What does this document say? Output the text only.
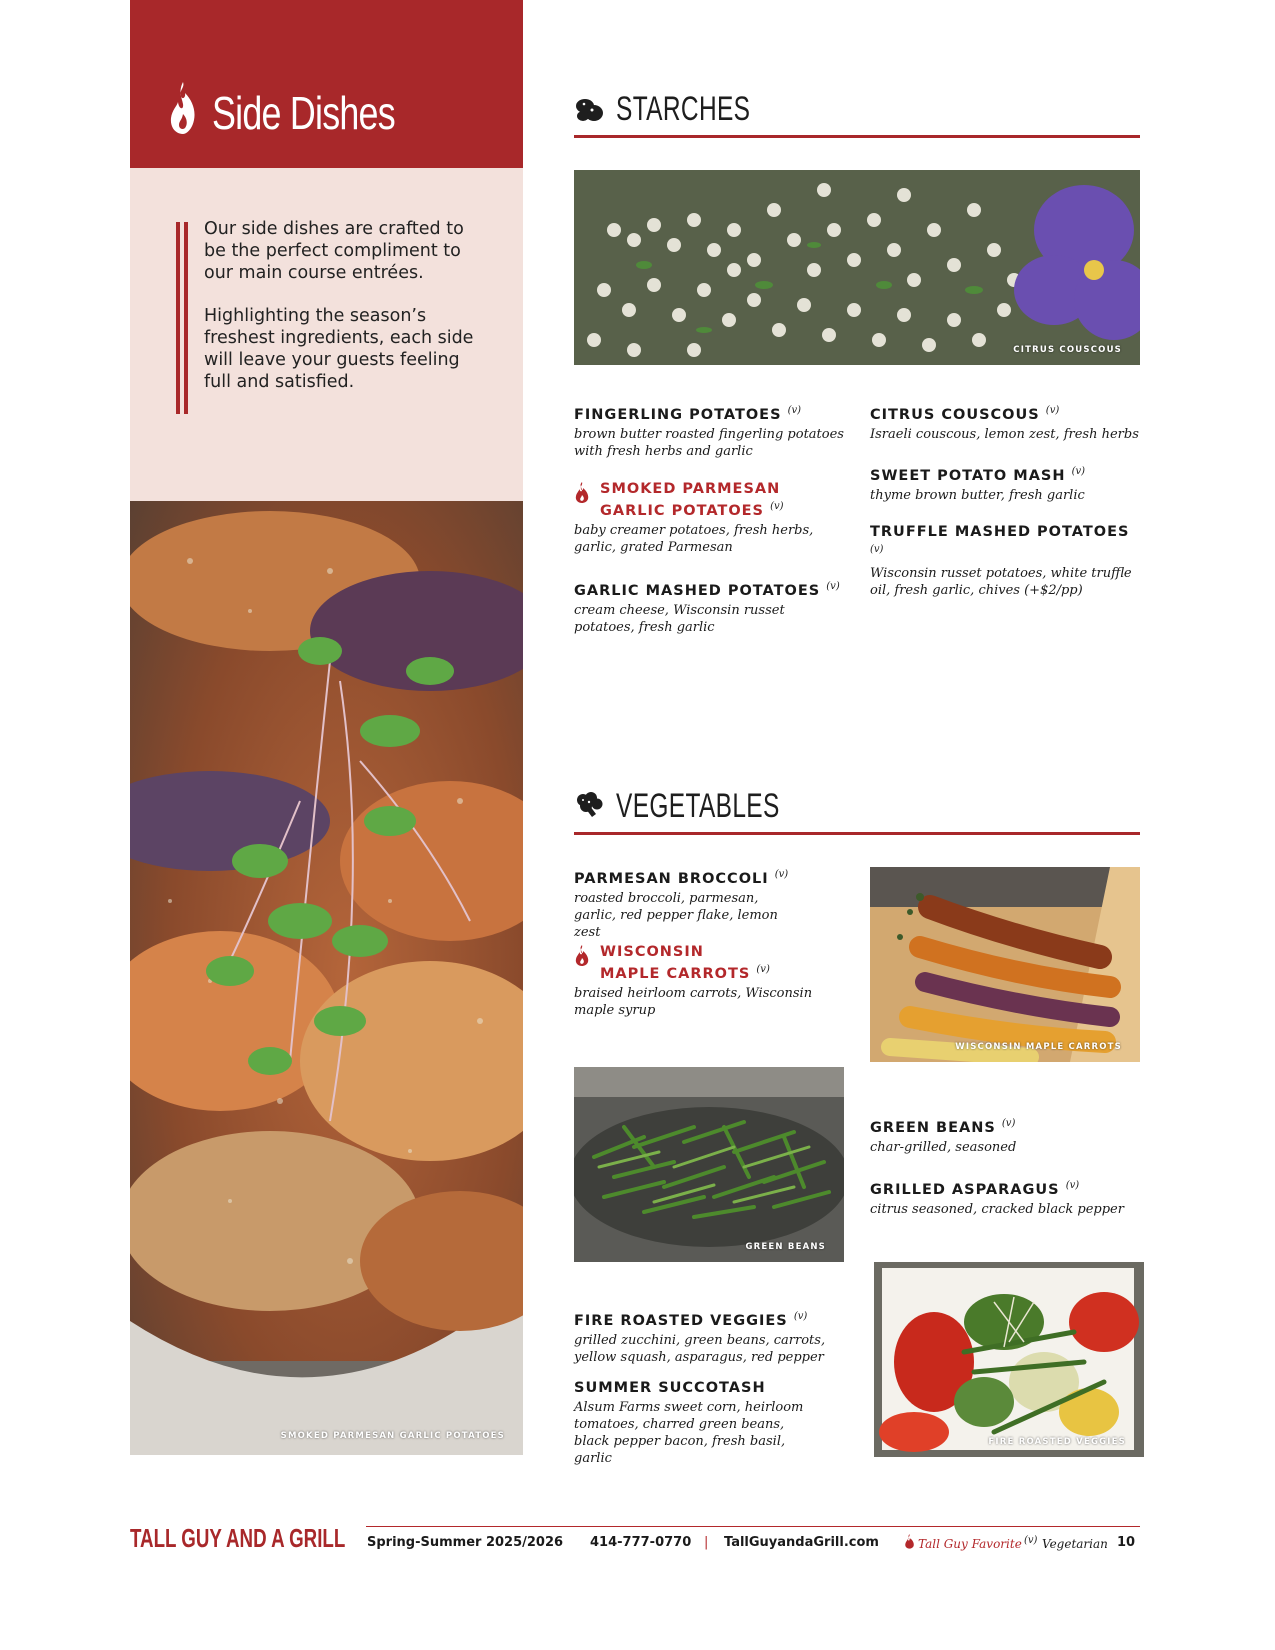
Side Dishes

Our side dishes are crafted to be the perfect compliment to our main course entrées.

Highlighting the season’s freshest ingredients, each side will leave your guests feeling full and satisfied.

SMOKED PARMESAN GARLIC POTATOES
STARCHES
CITRUS COUSCOUS
FINGERLING POTATOES $^{(v)}$
brown butter roasted fingerling potatoes with fresh herbs and garlic
SMOKED PARMESAN
GARLIC POTATOES $^{(v)}$
baby creamer potatoes, fresh herbs, garlic, grated Parmesan
GARLIC MASHED POTATOES $^{(v)}$
cream cheese, Wisconsin russet potatoes, fresh garlic
CITRUS COUSCOUS $^{(v)}$
Israeli couscous, lemon zest, fresh herbs
SWEET POTATO MASH $^{(v)}$
thyme brown butter, fresh garlic
TRUFFLE MASHED POTATOES $^{(v)}$
Wisconsin russet potatoes, white truffle oil, fresh garlic, chives (+$2/pp)
VEGETABLES
PARMESAN BROCCOLI $^{(v)}$
roasted broccoli, parmesan, garlic, red pepper flake, lemon zest
WISCONSIN
MAPLE CARROTS $^{(v)}$
braised heirloom carrots, Wisconsin maple syrup
WISCONSIN MAPLE CARROTS
GREEN BEANS
GREEN BEANS $^{(v)}$
char-grilled, seasoned
GRILLED ASPARAGUS $^{(v)}$
citrus seasoned, cracked black pepper
FIRE ROASTED VEGGIES $^{(v)}$
grilled zucchini, green beans, carrots, yellow squash, asparagus, red pepper
SUMMER SUCCOTASH
Alsum Farms sweet corn, heirloom tomatoes, charred green beans, black pepper bacon, fresh basil, garlic
FIRE ROASTED VEGGIES
TALL GUY AND A GRILL Spring-Summer 2025/2026 414-777-0770 | TallGuyandaGrill.com	Tall Guy Favorite (v) Vegetarian 10
